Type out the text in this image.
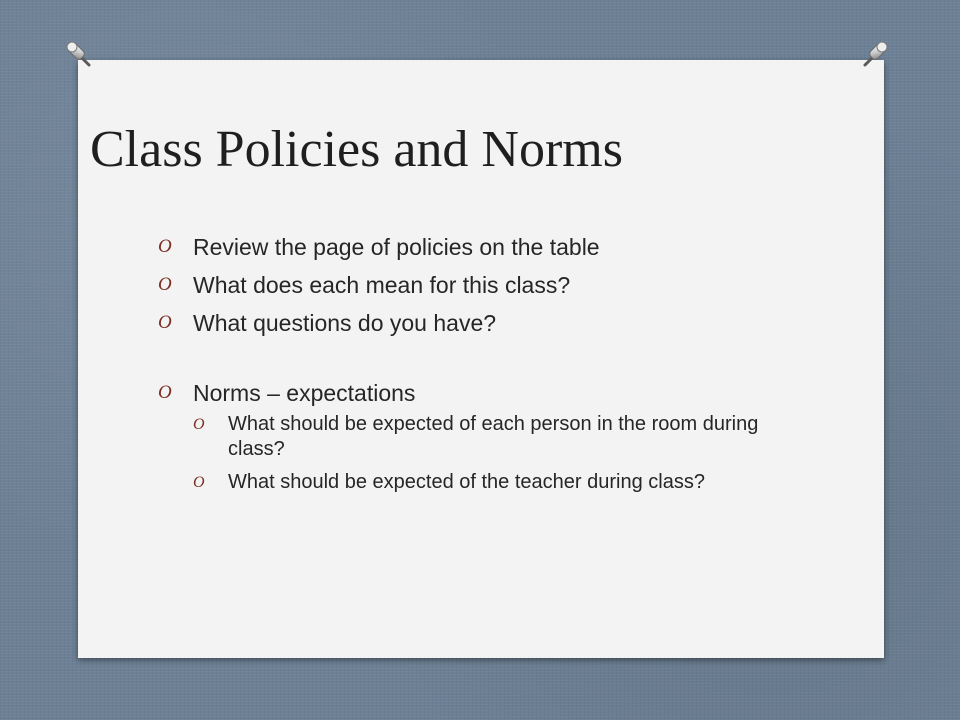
Class Policies and Norms
O Review the page of policies on the table
O What does each mean for this class?
O What questions do you have?
O Norms – expectations
O What should be expected of each person in the room during class?
O What should be expected of the teacher during class?
